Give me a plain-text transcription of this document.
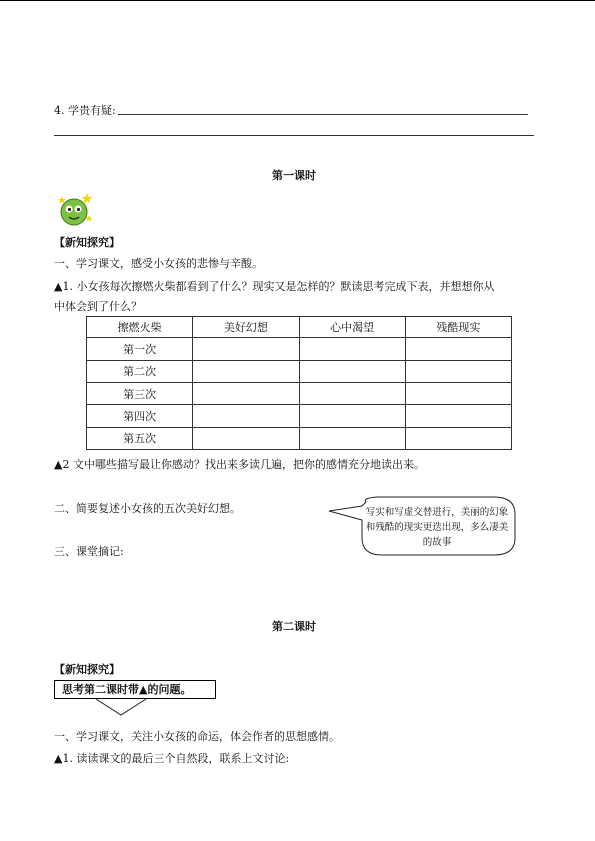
4. 学贵有疑:
第一课时
【新知探究】
一、学习课文，感受小女孩的悲惨与辛酸。
▲1. 小女孩每次擦燃火柴都看到了什么？现实又是怎样的？默读思考完成下表，并想想你从
中体会到了什么？
擦燃火柴	美好幻想	心中渴望	残酷现实
第一次			
第二次			
第三次			
第四次			
第五次			
▲2 文中哪些描写最让你感动？找出来多读几遍，把你的感情充分地读出来。
二、简要复述小女孩的五次美好幻想。
三、课堂摘记:
写实和写虚交替进行，美丽的幻象和残酷的现实更迭出现，多么凄美的故事
第二课时
【新知探究】
思考第二课时带▲的问题。
一、学习课文，关注小女孩的命运，体会作者的思想感情。
▲1. 读读课文的最后三个自然段，联系上文讨论:
